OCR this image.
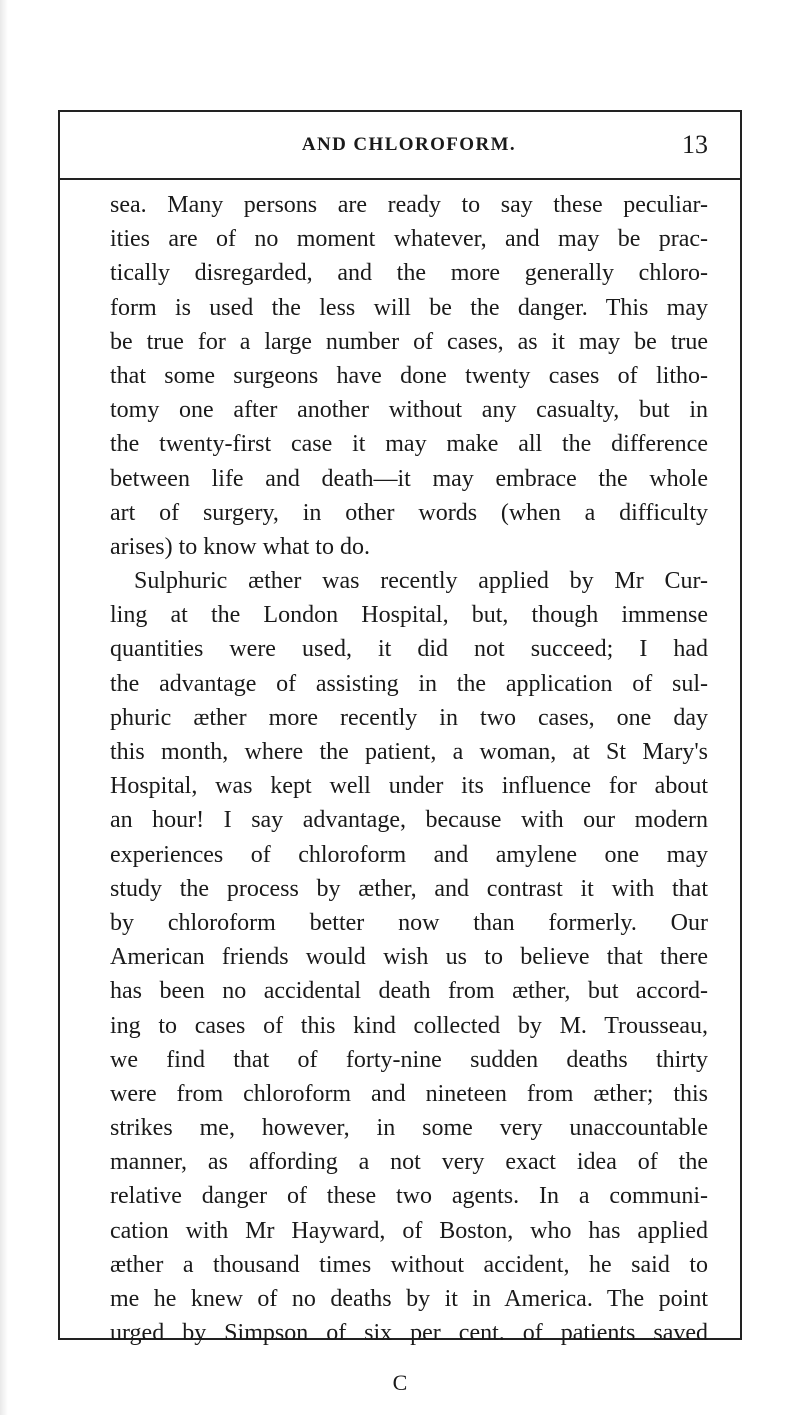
AND CHLOROFORM.	13
sea. Many persons are ready to say these peculiar-
ities are of no moment whatever, and may be prac-
tically disregarded, and the more generally chloro-
form is used the less will be the danger. This may
be true for a large number of cases, as it may be true
that some surgeons have done twenty cases of litho-
tomy one after another without any casualty, but in
the twenty-first case it may make all the difference
between life and death—it may embrace the whole
art of surgery, in other words (when a difficulty
arises) to know what to do.
Sulphuric æther was recently applied by Mr Cur-
ling at the London Hospital, but, though immense
quantities were used, it did not succeed; I had
the advantage of assisting in the application of sul-
phuric æther more recently in two cases, one day
this month, where the patient, a woman, at St Mary's
Hospital, was kept well under its influence for about
an hour! I say advantage, because with our modern
experiences of chloroform and amylene one may
study the process by æther, and contrast it with that
by chloroform better now than formerly. Our
American friends would wish us to believe that there
has been no accidental death from æther, but accord-
ing to cases of this kind collected by M. Trousseau,
we find that of forty-nine sudden deaths thirty
were from chloroform and nineteen from æther; this
strikes me, however, in some very unaccountable
manner, as affording a not very exact idea of the
relative danger of these two agents. In a communi-
cation with Mr Hayward, of Boston, who has applied
æther a thousand times without accident, he said to
me he knew of no deaths by it in America. The point
urged by Simpson of six per cent. of patients saved
C
